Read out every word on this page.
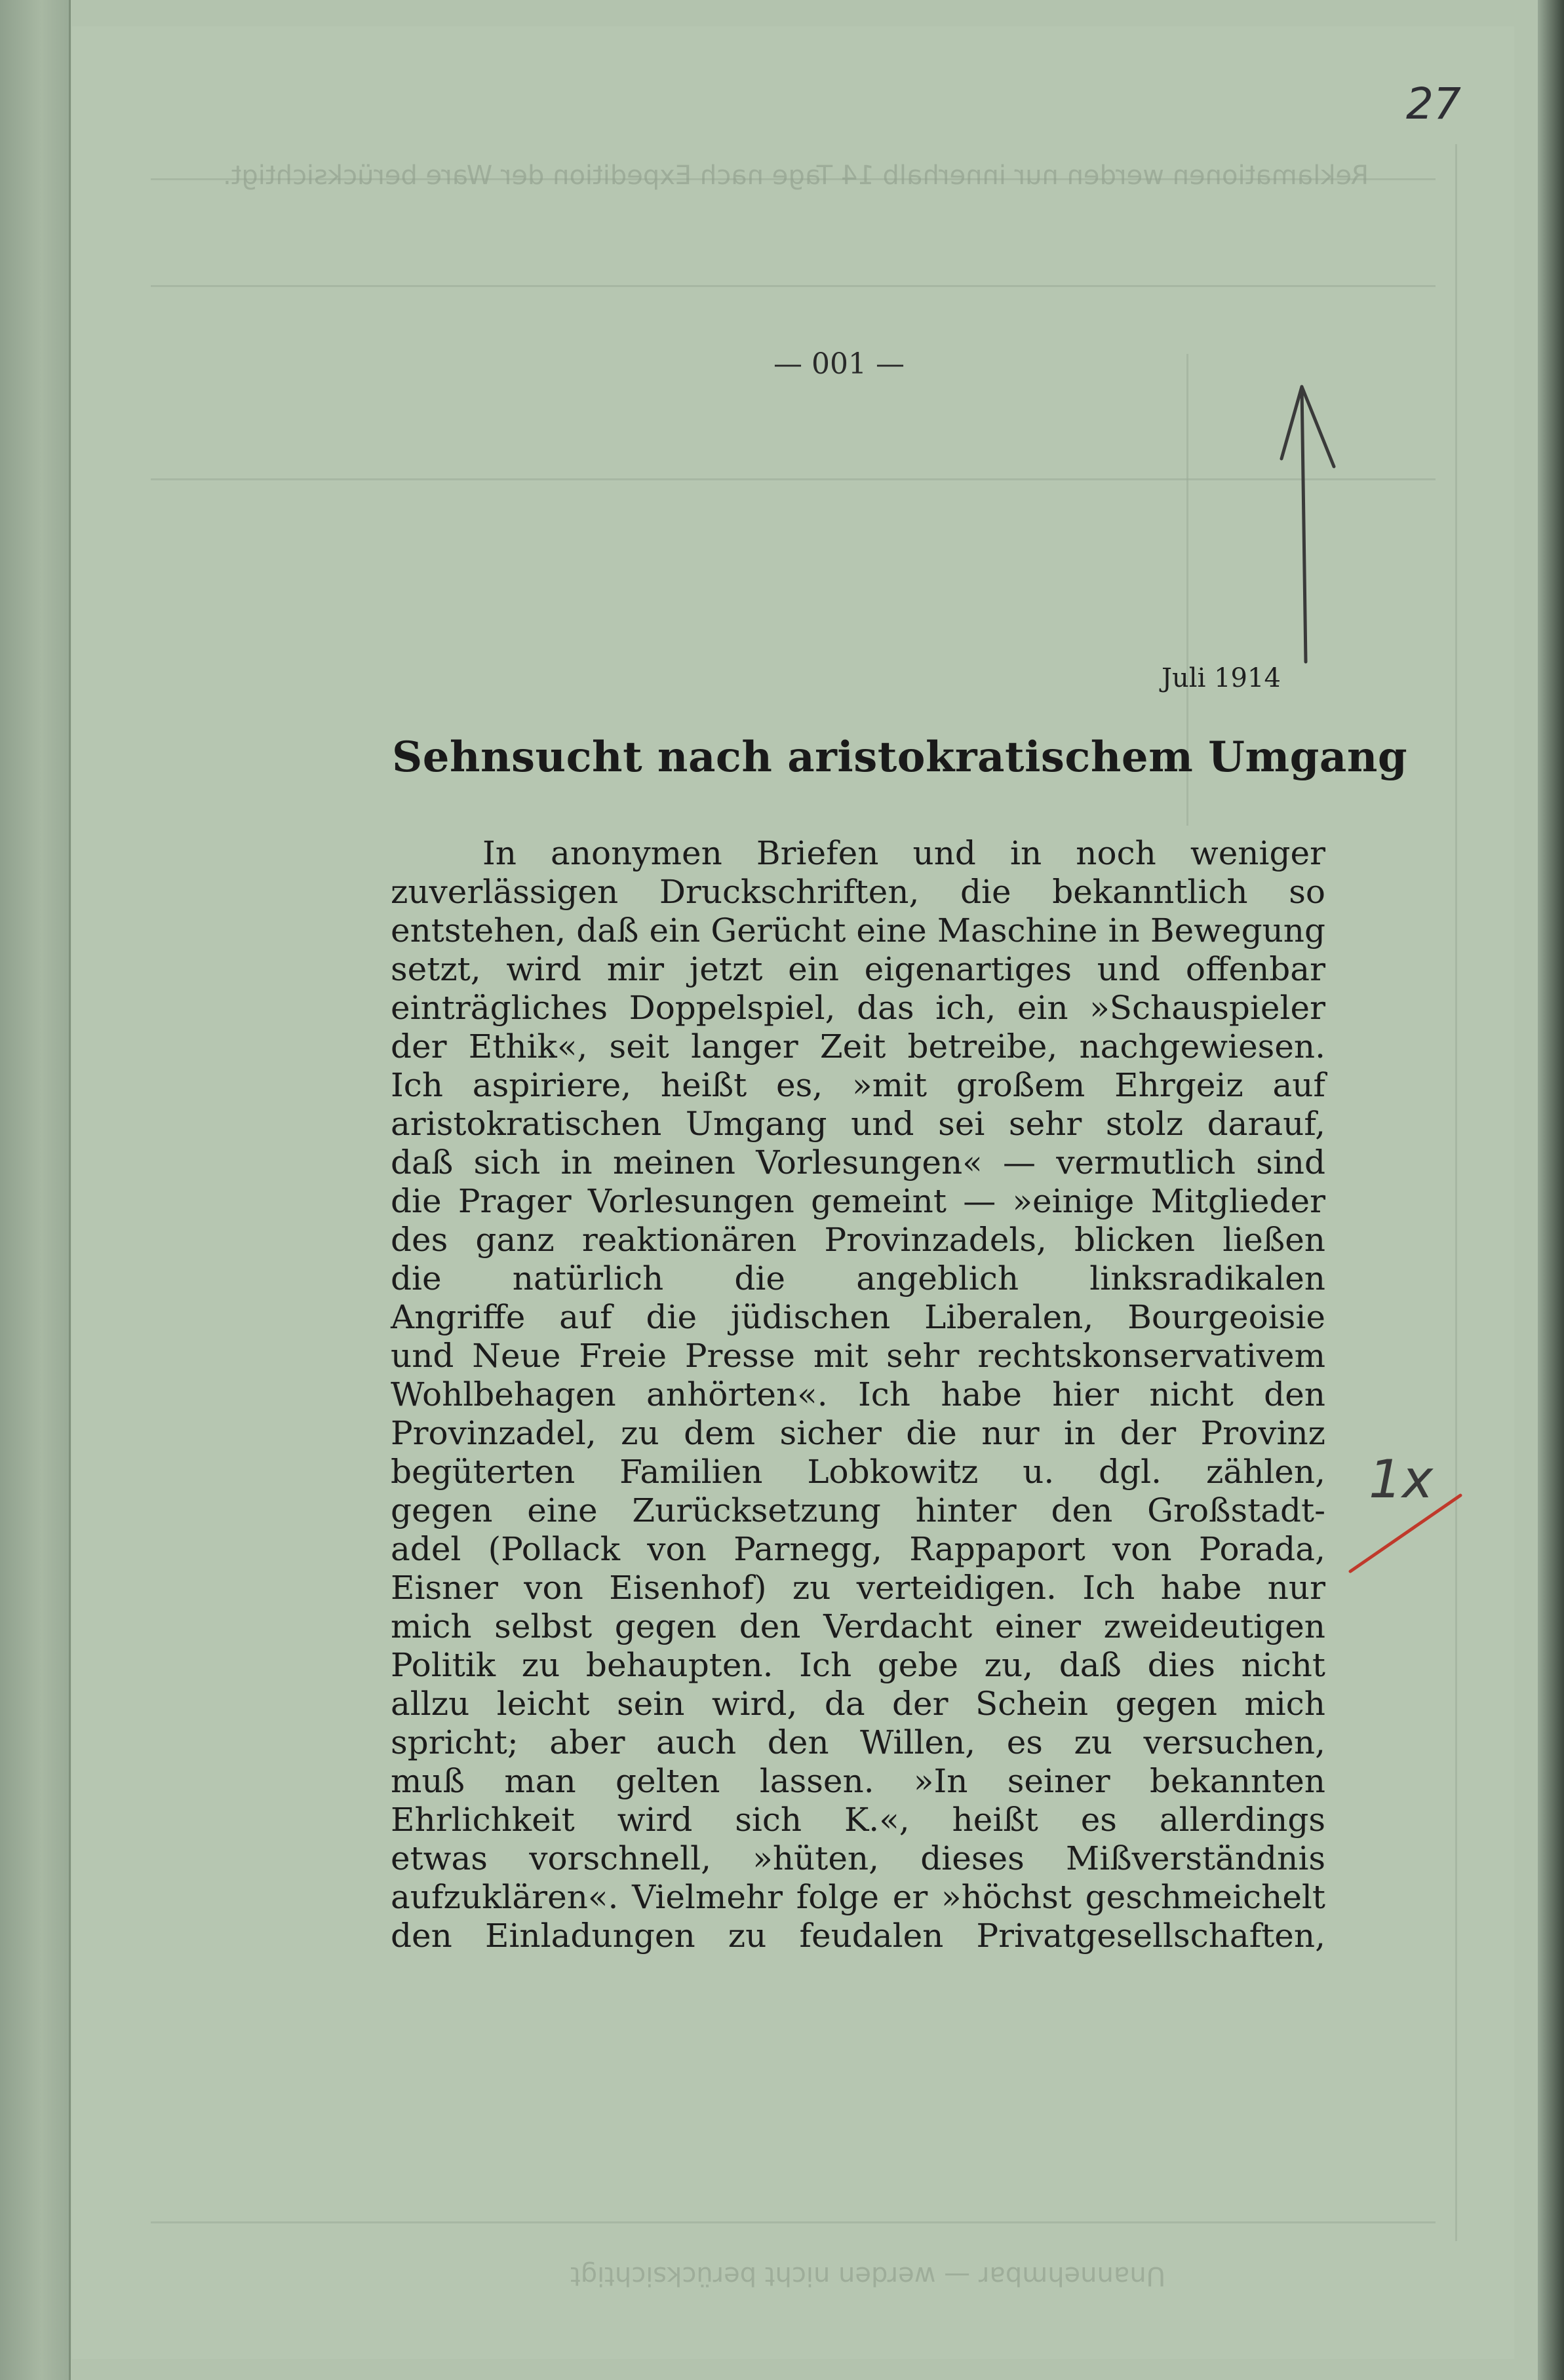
Reklamationen werden nur innerhalb 14 Tage nach Expedition der Ware berücksichtigt.
Unannehmbar — werden nicht berücksichtigt
27
— 001 —
Juli 1914
Sehnsucht nach aristokratischem Umgang
In anonymen Briefen und in noch weniger
zuverlässigen Druckschriften, die bekanntlich so
entstehen, daß ein Gerücht eine Maschine in Bewegung
setzt, wird mir jetzt ein eigenartiges und offenbar
einträgliches Doppelspiel, das ich, ein »Schauspieler
der Ethik«, seit langer Zeit betreibe, nachgewiesen.
Ich aspiriere, heißt es, »mit großem Ehrgeiz auf
aristokratischen Umgang und sei sehr stolz darauf,
daß sich in meinen Vorlesungen« — vermutlich sind
die Prager Vorlesungen gemeint — »einige Mitglieder
des ganz reaktionären Provinzadels, blicken ließen
die natürlich die angeblich linksradikalen
Angriffe auf die jüdischen Liberalen, Bourgeoisie
und Neue Freie Presse mit sehr rechtskonservativem
Wohlbehagen anhörten«. Ich habe hier nicht den
Provinzadel, zu dem sicher die nur in der Provinz
begüterten Familien Lobkowitz u. dgl. zählen,
gegen eine Zurücksetzung hinter den Großstadt-
adel (Pollack von Parnegg, Rappaport von Porada,
Eisner von Eisenhof) zu verteidigen. Ich habe nur
mich selbst gegen den Verdacht einer zweideutigen
Politik zu behaupten. Ich gebe zu, daß dies nicht
allzu leicht sein wird, da der Schein gegen mich
spricht; aber auch den Willen, es zu versuchen,
muß man gelten lassen. »In seiner bekannten
Ehrlichkeit wird sich K.«, heißt es allerdings
etwas vorschnell, »hüten, dieses Mißverständnis
aufzuklären«. Vielmehr folge er »höchst geschmeichelt
den Einladungen zu feudalen Privatgesellschaften,
1x
